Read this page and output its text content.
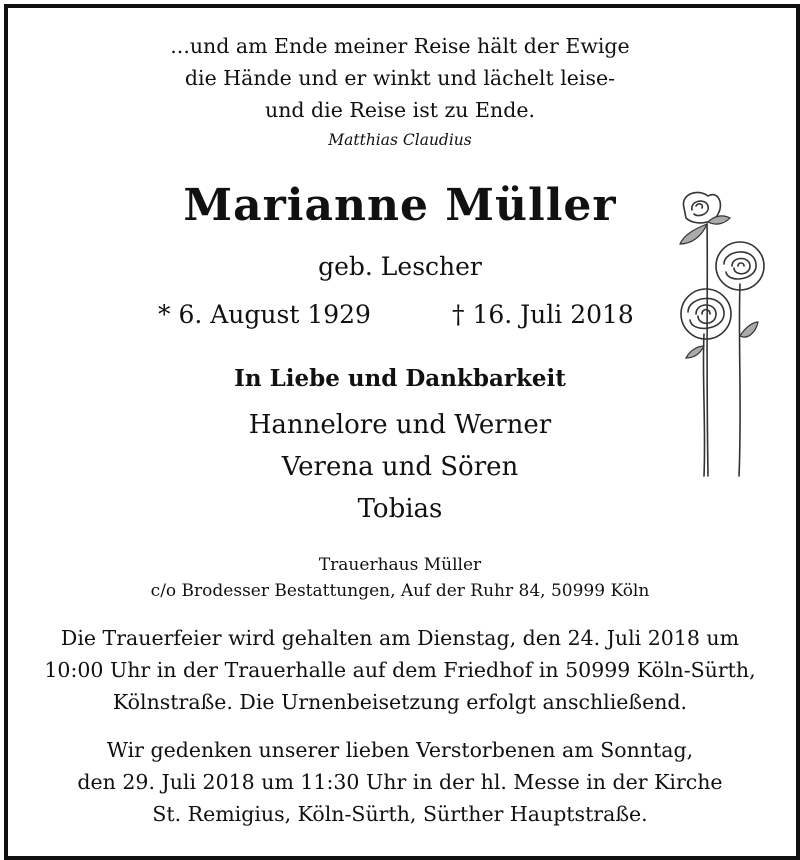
...und am Ende meiner Reise hält der Ewige
die Hände und er winkt und lächelt leise-
und die Reise ist zu Ende.
Matthias Claudius
Marianne Müller
geb. Lescher
* 6. August 1929	† 16. Juli 2018
In Liebe und Dankbarkeit
Hannelore und Werner
Verena und Sören
Tobias
Trauerhaus Müller
c/o Brodesser Bestattungen, Auf der Ruhr 84, 50999 Köln
Die Trauerfeier wird gehalten am Dienstag, den 24. Juli 2018 um
10:00 Uhr in der Trauerhalle auf dem Friedhof in 50999 Köln-Sürth,
Kölnstraße. Die Urnenbeisetzung erfolgt anschließend.
Wir gedenken unserer lieben Verstorbenen am Sonntag,
den 29. Juli 2018 um 11:30 Uhr in der hl. Messe in der Kirche
St. Remigius, Köln-Sürth, Sürther Hauptstraße.
